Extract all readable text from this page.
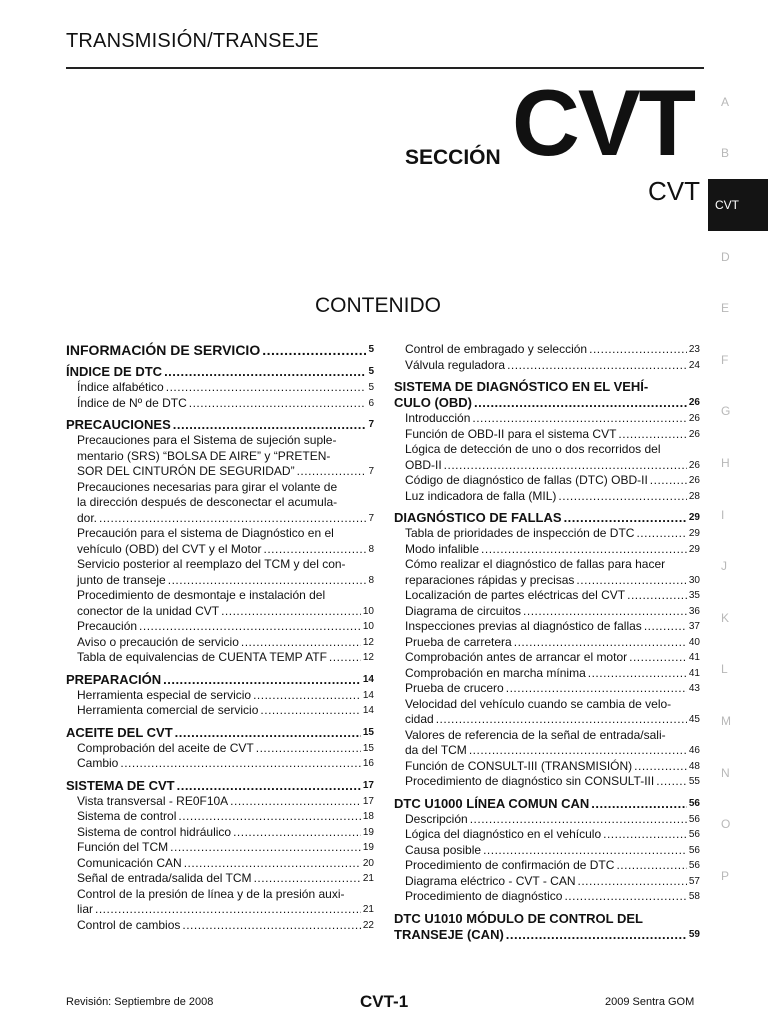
TRANSMISIÓN/TRANSEJE
SECCIÓN CVT
CVT
A
B
CVT
D
E
F
G
H
I
J
K
L
M
N
O
P
CONTENIDO
INFORMACIÓN DE SERVICIO .....	5
ÍNDICE DE DTC .....	5
Índice alfabético .....	5
Índice de Nº de DTC .....	6
PRECAUCIONES .....	7
Precauciones para el Sistema de sujeción suple-
mentario (SRS) “BOLSA DE AIRE” y “PRETEN-
SOR DEL CINTURÓN DE SEGURIDAD” .....	7
Precauciones necesarias para girar el volante de
la dirección después de desconectar el acumula-
dor. .....	7
Precaución para el sistema de Diagnóstico en el
vehículo (OBD) del CVT y el Motor .....	8
Servicio posterior al reemplazo del TCM y del con-
junto de transeje .....	8
Procedimiento de desmontaje e instalación del
conector de la unidad CVT .....	10
Precaución .....	10
Aviso o precaución de servicio .....	12
Tabla de equivalencias de CUENTA TEMP ATF .....	12
PREPARACIÓN .....	14
Herramienta especial de servicio .....	14
Herramienta comercial de servicio .....	14
ACEITE DEL CVT .....	15
Comprobación del aceite de CVT .....	15
Cambio .....	16
SISTEMA DE CVT .....	17
Vista transversal - RE0F10A .....	17
Sistema de control .....	18
Sistema de control hidráulico .....	19
Función del TCM .....	19
Comunicación CAN .....	20
Señal de entrada/salida del TCM .....	21
Control de la presión de línea y de la presión auxi-
liar .....	21
Control de cambios .....	22
Control de embragado y selección .....	23
Válvula reguladora .....	24
SISTEMA DE DIAGNÓSTICO EN EL VEHÍ-
CULO (OBD) .....	26
Introducción .....	26
Función de OBD-II para el sistema CVT .....	26
Lógica de detección de uno o dos recorridos del
OBD-II .....	26
Código de diagnóstico de fallas (DTC) OBD-II .....	26
Luz indicadora de falla (MIL) .....	28
DIAGNÓSTICO DE FALLAS .....	29
Tabla de prioridades de inspección de DTC .....	29
Modo infalible .....	29
Cómo realizar el diagnóstico de fallas para hacer
reparaciones rápidas y precisas .....	30
Localización de partes eléctricas del CVT .....	35
Diagrama de circuitos .....	36
Inspecciones previas al diagnóstico de fallas .....	37
Prueba de carretera .....	40
Comprobación antes de arrancar el motor .....	41
Comprobación en marcha mínima .....	41
Prueba de crucero .....	43
Velocidad del vehículo cuando se cambia de velo-
cidad .....	45
Valores de referencia de la señal de entrada/sali-
da del TCM .....	46
Función de CONSULT-III (TRANSMISIÓN) .....	48
Procedimiento de diagnóstico sin CONSULT-III .....	55
DTC U1000 LÍNEA COMUN CAN .....	56
Descripción .....	56
Lógica del diagnóstico en el vehículo .....	56
Causa posible .....	56
Procedimiento de confirmación de DTC .....	56
Diagrama eléctrico - CVT - CAN .....	57
Procedimiento de diagnóstico .....	58
DTC U1010 MÓDULO DE CONTROL DEL
TRANSEJE (CAN) .....	59
Revisión: Septiembre de 2008	CVT-1	2009 Sentra GOM
